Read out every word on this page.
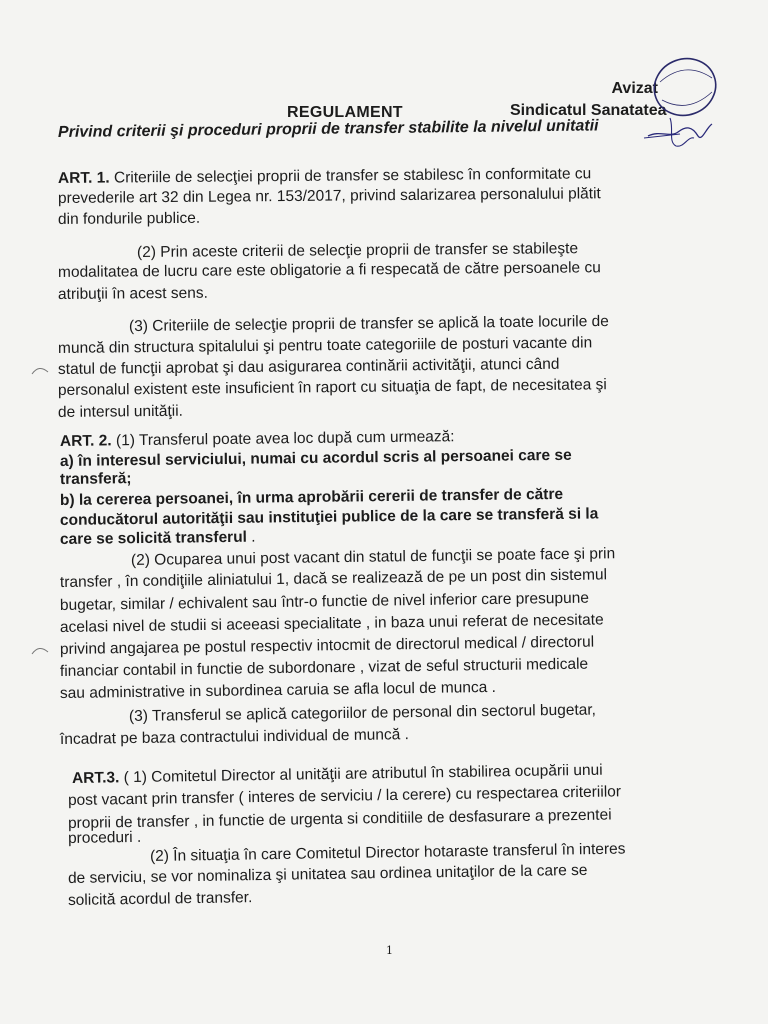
Avizat
Sindicatul Sanatatea
REGULAMENT
Privind criterii şi proceduri proprii de transfer stabilite la nivelul unitatii
ART. 1. Criteriile de selecţiei proprii de transfer se stabilesc în conformitate cu
prevederile art 32 din Legea nr. 153/2017, privind salarizarea personalului plătit
din fondurile publice.
(2) Prin aceste criterii de selecţie proprii de transfer se stabileşte
modalitatea de lucru care este obligatorie a fi respecată de către persoanele cu
atribuţii în acest sens.
(3) Criteriile de selecţie proprii de transfer se aplică la toate locurile de
muncă din structura spitalului şi pentru toate categoriile de posturi vacante din
statul de funcţii aprobat şi dau asigurarea continării activităţii, atunci când
personalul existent este insuficient în raport cu situaţia de fapt, de necesitatea şi
de intersul unităţii.
ART. 2. (1) Transferul poate avea loc după cum urmează:
a) în interesul serviciului, numai cu acordul scris al persoanei care se
transferă;
b) la cererea persoanei, în urma aprobării cererii de transfer de către
conducătorul autorităţii sau instituţiei publice de la care se transferă si la
care se solicită transferul .
(2) Ocuparea unui post vacant din statul de funcţii se poate face şi prin
transfer , în condiţiile aliniatului 1, dacă se realizează de pe un post din sistemul
bugetar, similar / echivalent sau într-o functie de nivel inferior care presupune
acelasi nivel de studii si aceeasi specialitate , in baza unui referat de necesitate
privind angajarea pe postul respectiv intocmit de directorul medical / directorul
financiar contabil in functie de subordonare , vizat de seful structurii medicale
sau administrative in subordinea caruia se afla locul de munca .
(3) Transferul se aplică categoriilor de personal din sectorul bugetar,
încadrat pe baza contractului individual de muncă .
ART.3. ( 1) Comitetul Director al unităţii are atributul în stabilirea ocupării unui
post vacant prin transfer ( interes de serviciu / la cerere) cu respectarea criteriilor
proprii de transfer , in functie de urgenta si conditiile de desfasurare a prezentei
proceduri .
(2) În situaţia în care Comitetul Director hotaraste transferul în interes
de serviciu, se vor nominaliza şi unitatea sau ordinea unitaţilor de la care se
solicită acordul de transfer.
1
